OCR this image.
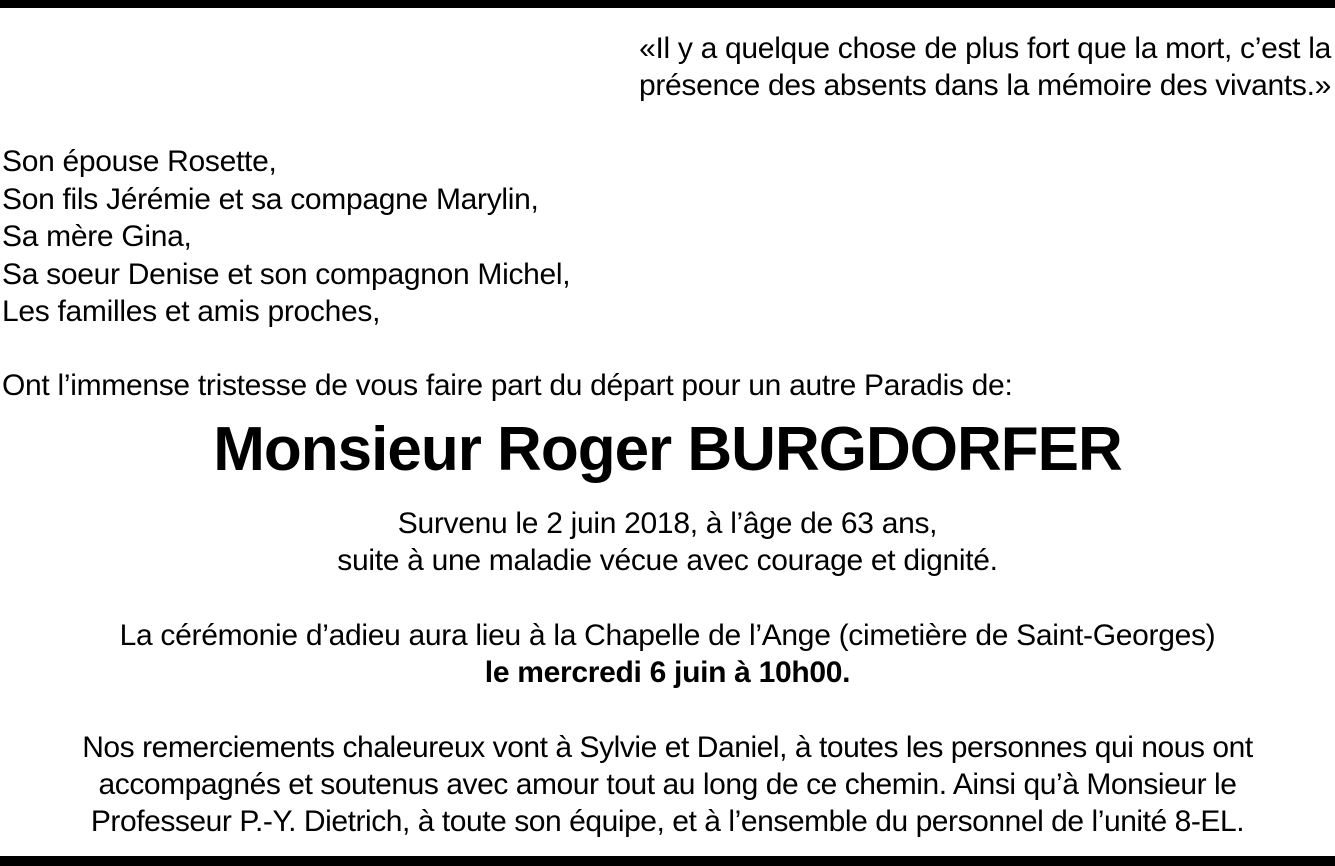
«Il y a quelque chose de plus fort que la mort, c’est la
présence des absents dans la mémoire des vivants.»
Son épouse Rosette,
Son fils Jérémie et sa compagne Marylin,
Sa mère Gina,
Sa soeur Denise et son compagnon Michel,
Les familles et amis proches,
Ont l’immense tristesse de vous faire part du départ pour un autre Paradis de:
Monsieur Roger BURGDORFER
Survenu le 2 juin 2018, à l’âge de 63 ans,
suite à une maladie vécue avec courage et dignité.
La cérémonie d’adieu aura lieu à la Chapelle de l’Ange (cimetière de Saint-Georges)
le mercredi 6 juin à 10h00.
Nos remerciements chaleureux vont à Sylvie et Daniel, à toutes les personnes qui nous ont
accompagnés et soutenus avec amour tout au long de ce chemin. Ainsi qu’à Monsieur le
Professeur P.-Y. Dietrich, à toute son équipe, et à l’ensemble du personnel de l’unité 8-EL.
